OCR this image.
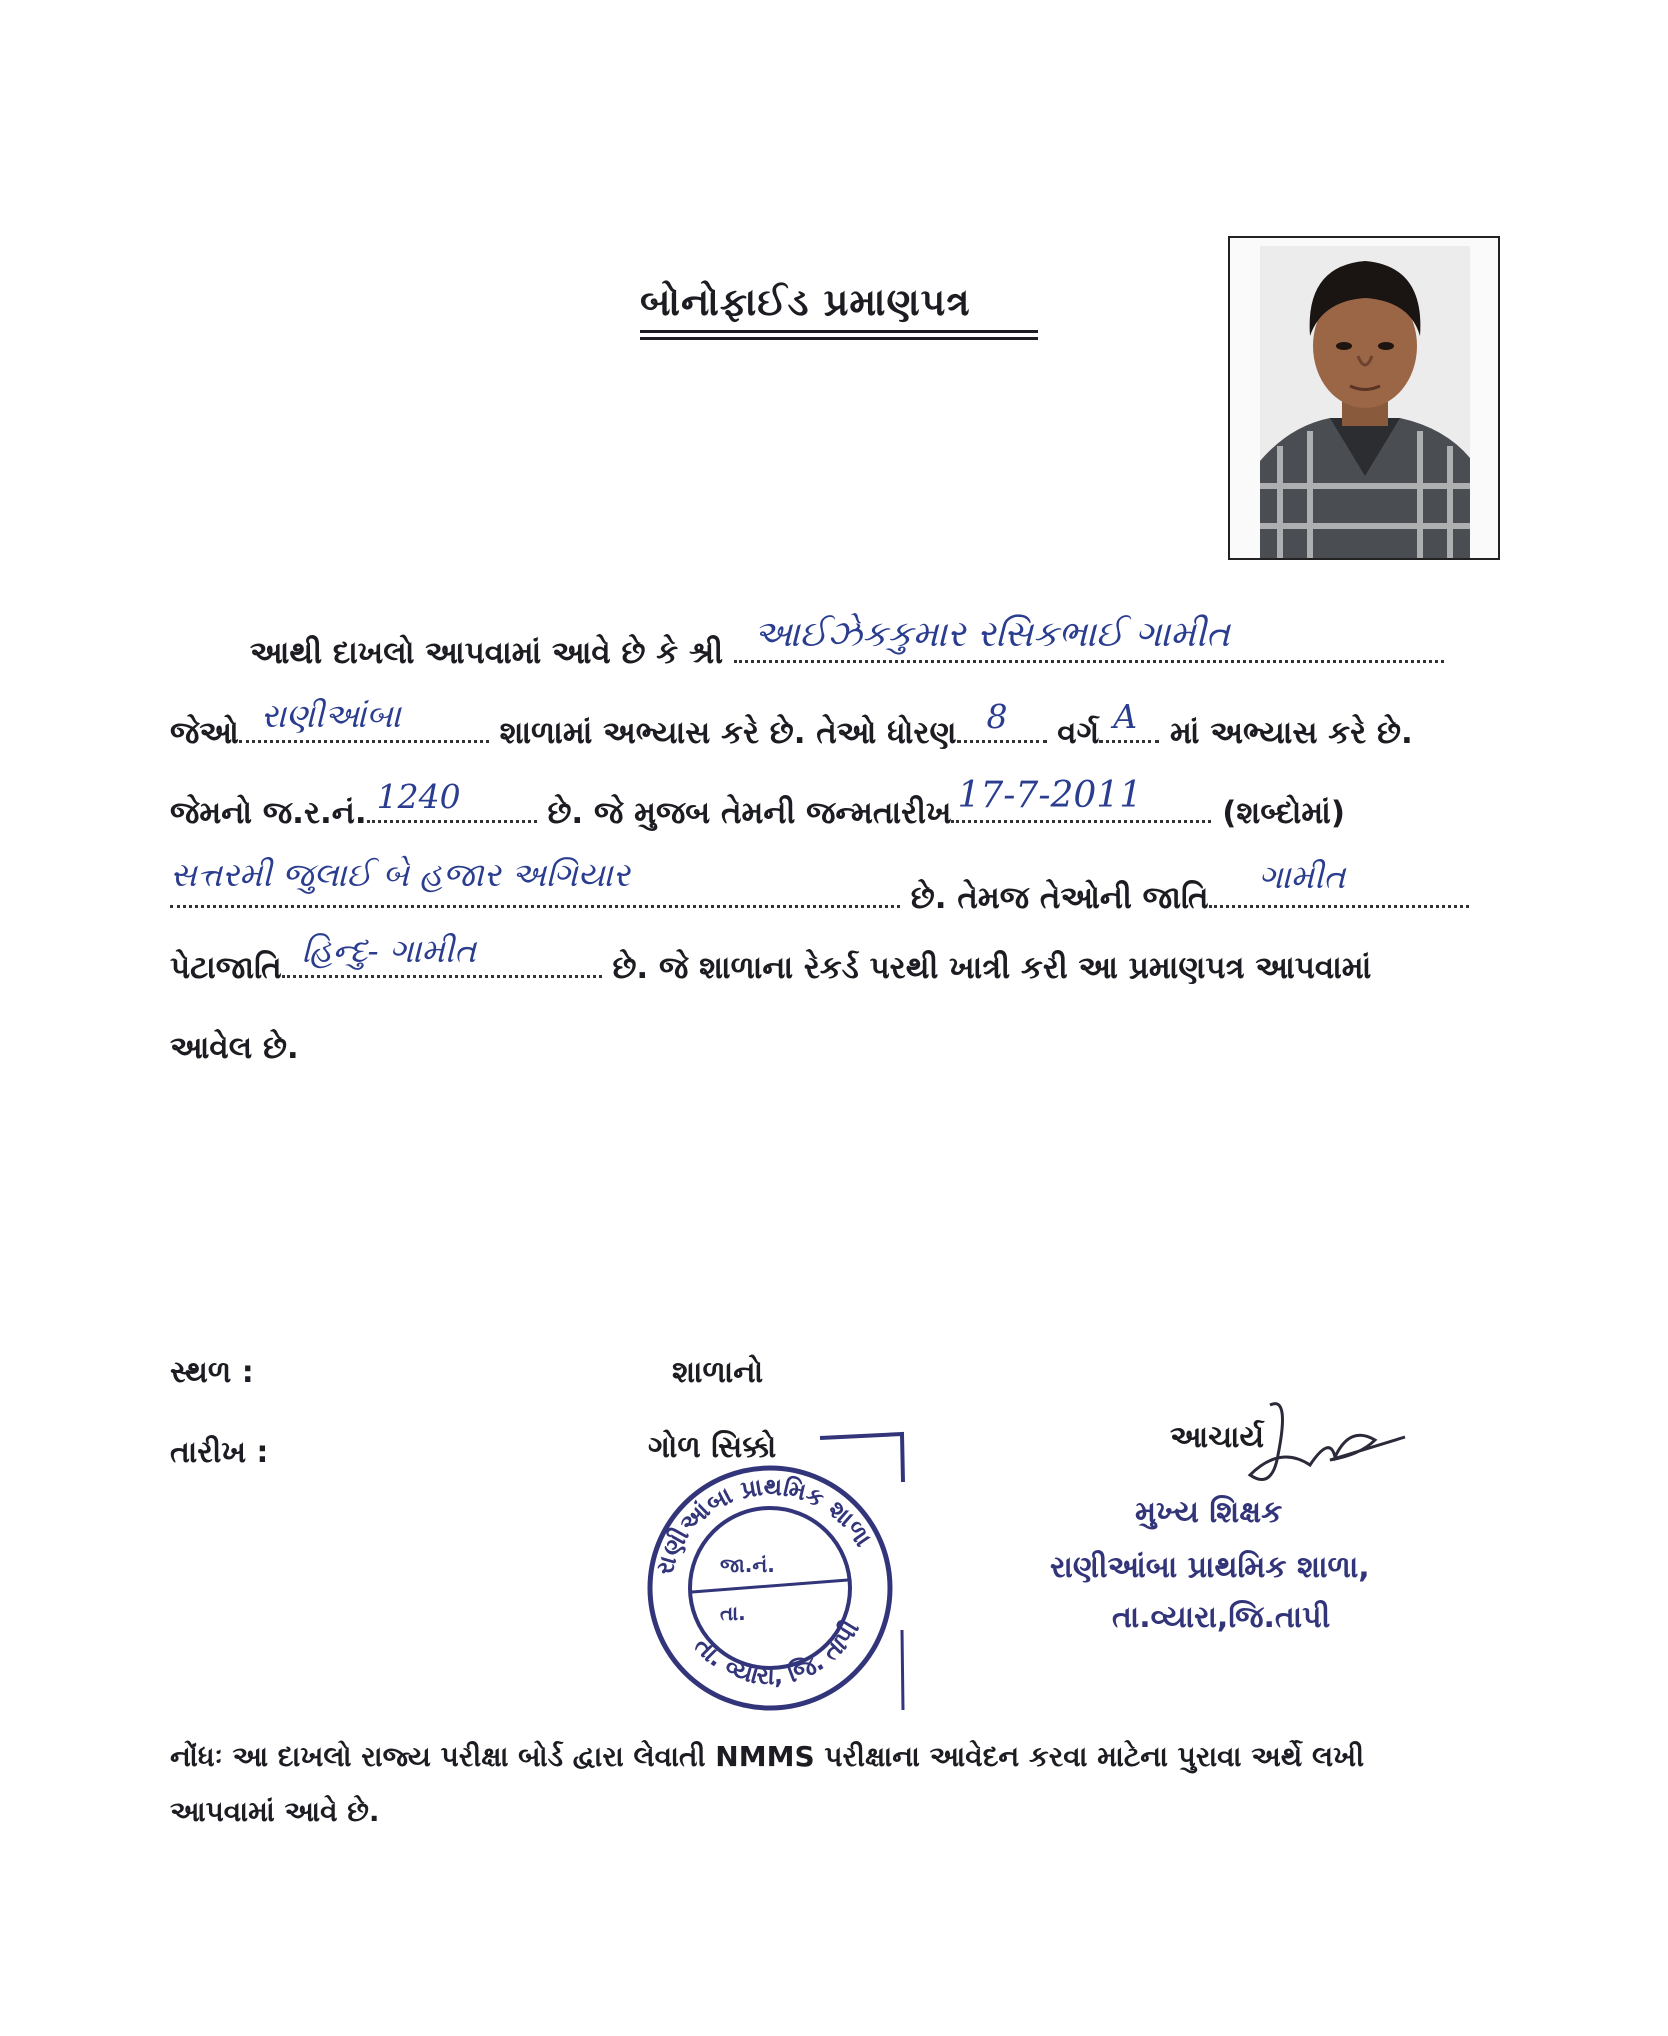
બોનોફાઈડ પ્રમાણપત્ર
આથી દાખલો આપવામાં આવે છે કે શ્રી આઈઝેકકુમાર રસિકભાઈ ગામીત
જેઓ રાણીઆંબા	શાળામાં અભ્યાસ કરે છે. તેઓ ધોરણ 8 વર્ગ A માં અભ્યાસ કરે છે.
જેમનો જ.ર.નં. 1240	છે. જે મુજબ તેમની જન્મતારીખ 17-7-2011	(શબ્દોમાં)
સત્તરમી જુલાઈ બે હજાર અગિયાર
છે. તેમજ તેઓની જાતિ
ગામીત
પેટાજાતિ હિન્દુ- ગામીત	છે. જે શાળાના રેકર્ડ પરથી ખાત્રી કરી આ પ્રમાણપત્ર આપવામાં
આવેલ છે.
સ્થળ :
તારીખ :
શાળાનો
ગોળ સિક્કો
રાણીઆંબા પ્રાથમિક શાળા
તા. વ્યારા, જિ. તાપી
જા.નં.
તા.
આચાર્ય
મુખ્ય શિક્ષક
રાણીઆંબા પ્રાથમિક શાળા,
તા.વ્યારા,જિ.તાપી
નોંધઃ આ દાખલો રાજ્ય પરીક્ષા બોર્ડ દ્વારા લેવાતી NMMS પરીક્ષાના આવેદન કરવા માટેના પુરાવા અર્થે લખી
આપવામાં આવે છે.
